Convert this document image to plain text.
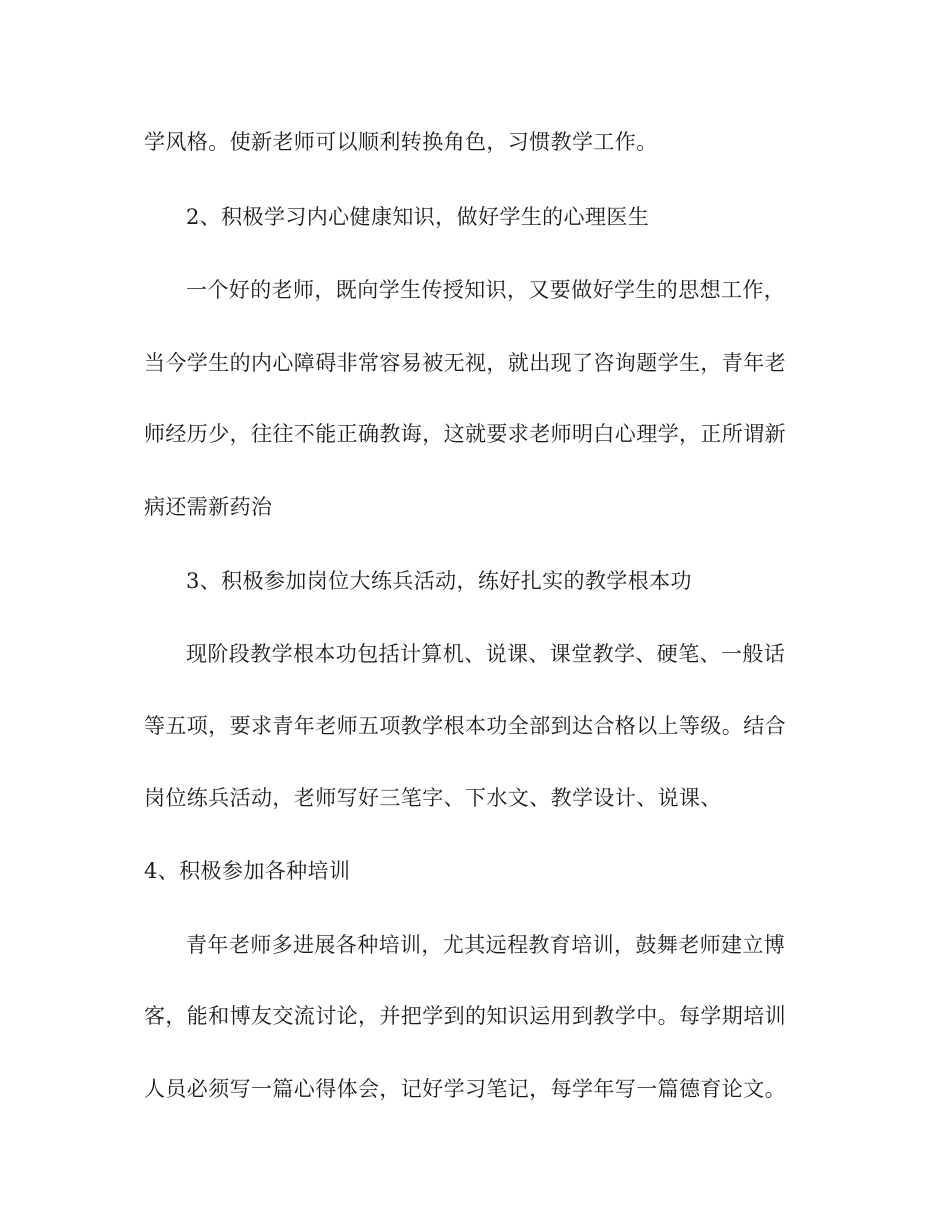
学风格。使新老师可以顺利转换角色，习惯教学工作。
2、积极学习内心健康知识，做好学生的心理医生
一个好的老师，既向学生传授知识，又要做好学生的思想工作，
当今学生的内心障碍非常容易被无视，就出现了咨询题学生，青年老
师经历少，往往不能正确教诲，这就要求老师明白心理学，正所谓新
病还需新药治
3、积极参加岗位大练兵活动，练好扎实的教学根本功
现阶段教学根本功包括计算机、说课、课堂教学、硬笔、一般话
等五项，要求青年老师五项教学根本功全部到达合格以上等级。结合
岗位练兵活动，老师写好三笔字、下水文、教学设计、说课、
4、积极参加各种培训
青年老师多进展各种培训，尤其远程教育培训，鼓舞老师建立博
客，能和博友交流讨论，并把学到的知识运用到教学中。每学期培训
人员必须写一篇心得体会，记好学习笔记，每学年写一篇德育论文。
